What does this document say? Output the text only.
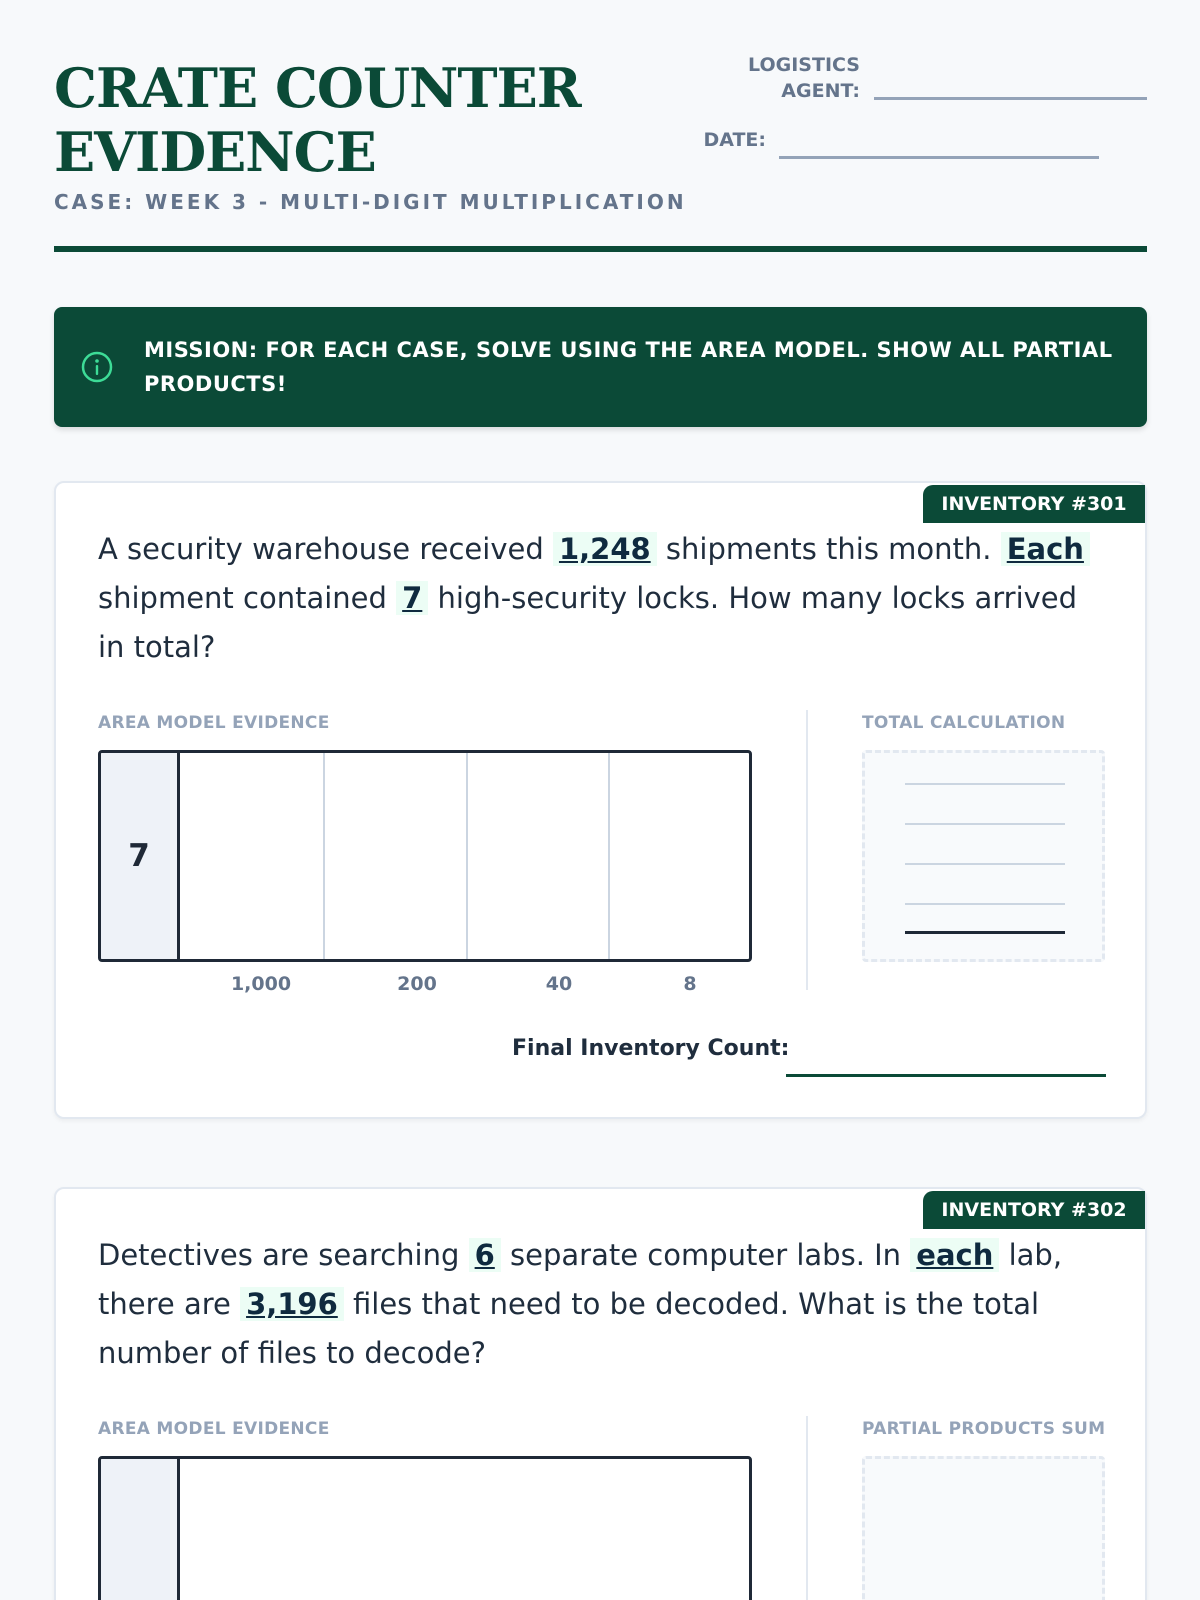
CRATE COUNTER EVIDENCE
CASE: WEEK 3 - MULTI-DIGIT MULTIPLICATION
LOGISTICS AGENT:
DATE:
MISSION: FOR EACH CASE, SOLVE USING THE AREA MODEL. SHOW ALL PARTIAL PRODUCTS!
INVENTORY #301
A security warehouse received 1,248 shipments this month. Each shipment contained 7 high-security locks. How many locks arrived in total?
AREA MODEL EVIDENCE
7
1,000	200	40	8
TOTAL CALCULATION
Final Inventory Count:
INVENTORY #302
Detectives are searching 6 separate computer labs. In each lab, there are 3,196 files that need to be decoded. What is the total number of files to decode?
AREA MODEL EVIDENCE	PARTIAL PRODUCTS SUM
